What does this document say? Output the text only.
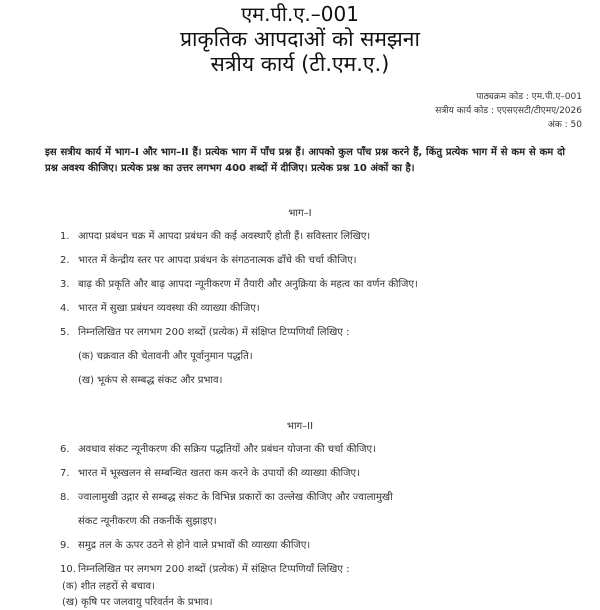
एम.पी.ए.–001
प्राकृतिक आपदाओं को समझना
सत्रीय कार्य (टी.एम.ए.)
पाठ्यक्रम कोड : एम.पी.ए–001
सत्रीय कार्य कोड : एएसएसटी/टीएमए/2026
अंक : 50
इस सत्रीय कार्य में भाग–I और भाग–II हैं। प्रत्येक भाग में पाँच प्रश्न हैं। आपको कुल पाँच प्रश्न करने हैं, किंतु प्रत्येक भाग में से कम से कम दो प्रश्न अवश्य कीजिए। प्रत्येक प्रश्न का उत्तर लगभग 400 शब्दों में दीजिए। प्रत्येक प्रश्न 10 अंकों का है।
भाग–I
1. आपदा प्रबंधन चक्र में आपदा प्रबंधन की कई अवस्थाएँ होती हैं। सविस्तार लिखिए।
2. भारत में केन्द्रीय स्तर पर आपदा प्रबंधन के संगठनात्मक ढाँचे की चर्चा कीजिए।
3. बाढ़ की प्रकृति और बाढ़ आपदा न्यूनीकरण में तैयारी और अनुक्रिया के महत्व का वर्णन कीजिए।
4. भारत में सुखा प्रबंधन व्यवस्था की व्याख्या कीजिए।
5. निम्नलिखित पर लगभग 200 शब्दों (प्रत्येक) में संक्षिप्त टिप्पणियाँ लिखिए :
(क) चक्रवात की चेतावनी और पूर्वानुमान पद्धति।
(ख) भूकंप से सम्बद्ध संकट और प्रभाव।
भाग–II
6. अवधाव संकट न्यूनीकरण की सक्रिय पद्धतियों और प्रबंधन योजना की चर्चा कीजिए।
7. भारत में भूस्खलन से सम्बन्धित खतरा कम करने के उपायों की व्याख्या कीजिए।
8. ज्वालामुखी उद्गार से सम्बद्ध संकट के विभिन्न प्रकारों का उल्लेख कीजिए और ज्वालामुखी
संकट न्यूनीकरण की तकनीकें सुझाइए।
9. समुद्र तल के ऊपर उठने से होने वाले प्रभावों की व्याख्या कीजिए।
10. निम्नलिखित पर लगभग 200 शब्दों (प्रत्येक) में संक्षिप्त टिप्पणियाँ लिखिए :
(क) शीत लहरों से बचाव।
(ख) कृषि पर जलवायु परिवर्तन के प्रभाव।
